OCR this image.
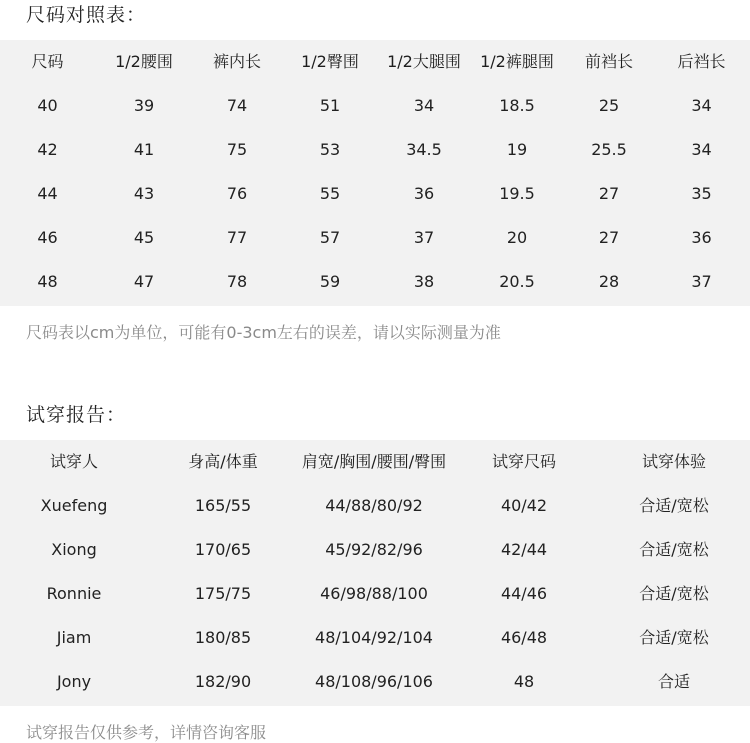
尺码对照表：
尺码	1/2腰围	裤内长	1/2臀围	1/2大腿围	1/2裤腿围	前裆长	后裆长
40	39	74	51	34	18.5	25	34
42	41	75	53	34.5	19	25.5	34
44	43	76	55	36	19.5	27	35
46	45	77	57	37	20	27	36
48	47	78	59	38	20.5	28	37
尺码表以cm为单位，可能有0-3cm左右的误差，请以实际测量为准
试穿报告：
试穿人	身高/体重	肩宽/胸围/腰围/臀围	试穿尺码	试穿体验
Xuefeng	165/55	44/88/80/92	40/42	合适/宽松
Xiong	170/65	45/92/82/96	42/44	合适/宽松
Ronnie	175/75	46/98/88/100	44/46	合适/宽松
Jiam	180/85	48/104/92/104	46/48	合适/宽松
Jony	182/90	48/108/96/106	48	合适
试穿报告仅供参考，详情咨询客服
